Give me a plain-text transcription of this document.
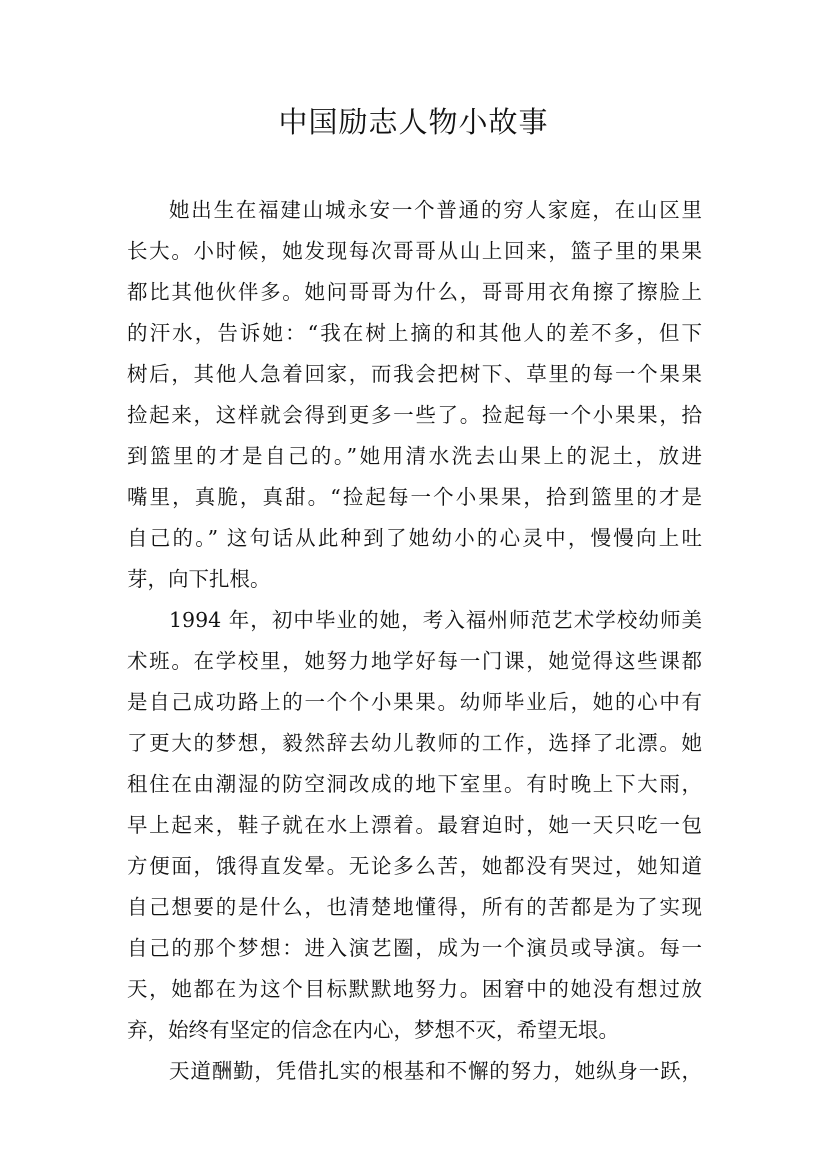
中国励志人物小故事
她出生在福建山城永安一个普通的穷人家庭，在山区里
长大。小时候，她发现每次哥哥从山上回来，篮子里的果果
都比其他伙伴多。她问哥哥为什么，哥哥用衣角擦了擦脸上
的汗水，告诉她：“我在树上摘的和其他人的差不多，但下
树后，其他人急着回家，而我会把树下、草里的每一个果果
捡起来，这样就会得到更多一些了。捡起每一个小果果，拾
到篮里的才是自己的。”她用清水洗去山果上的泥土，放进
嘴里，真脆，真甜。“捡起每一个小果果，拾到篮里的才是
自己的。” 这句话从此种到了她幼小的心灵中，慢慢向上吐
芽，向下扎根。
1994 年，初中毕业的她，考入福州师范艺术学校幼师美
术班。在学校里，她努力地学好每一门课，她觉得这些课都
是自己成功路上的一个个小果果。幼师毕业后，她的心中有
了更大的梦想，毅然辞去幼儿教师的工作，选择了北漂。她
租住在由潮湿的防空洞改成的地下室里。有时晚上下大雨，
早上起来，鞋子就在水上漂着。最窘迫时，她一天只吃一包
方便面，饿得直发晕。无论多么苦，她都没有哭过，她知道
自己想要的是什么，也清楚地懂得，所有的苦都是为了实现
自己的那个梦想：进入演艺圈，成为一个演员或导演。每一
天，她都在为这个目标默默地努力。困窘中的她没有想过放
弃，始终有坚定的信念在内心，梦想不灭，希望无垠。
天道酬勤，凭借扎实的根基和不懈的努力，她纵身一跃，
